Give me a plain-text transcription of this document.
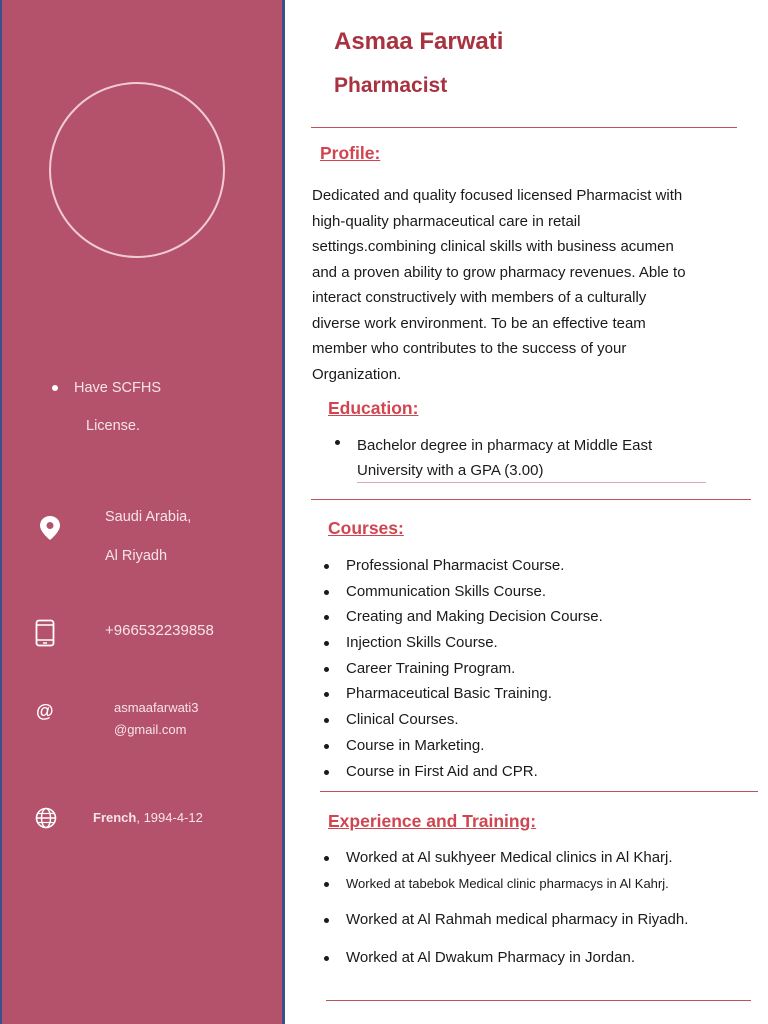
Have SCFHS
License.
Saudi Arabia,
Al Riyadh
+966532239858
@	asmaafarwati3
@gmail.com
French, 1994-4-12
Asmaa Farwati
Pharmacist
Profile:
Dedicated and quality focused licensed Pharmacist with
high-quality pharmaceutical care in retail
settings.combining clinical skills with business acumen
and a proven ability to grow pharmacy revenues. Able to
interact constructively with members of a culturally
diverse work environment. To be an effective team
member who contributes to the success of your
Organization.
Education:
Bachelor degree in pharmacy at Middle East
University with a GPA (3.00)
Courses:
Professional Pharmacist Course.
Communication Skills Course.
Creating and Making Decision Course.
Injection Skills Course.
Career Training Program.
Pharmaceutical Basic Training.
Clinical Courses.
Course in Marketing.
Course in First Aid and CPR.
Experience and Training:
Worked at Al sukhyeer Medical clinics in Al Kharj.
Worked at tabebok Medical clinic pharmacys in Al Kahrj.
Worked at Al Rahmah medical pharmacy in Riyadh.
Worked at Al Dwakum Pharmacy in Jordan.
